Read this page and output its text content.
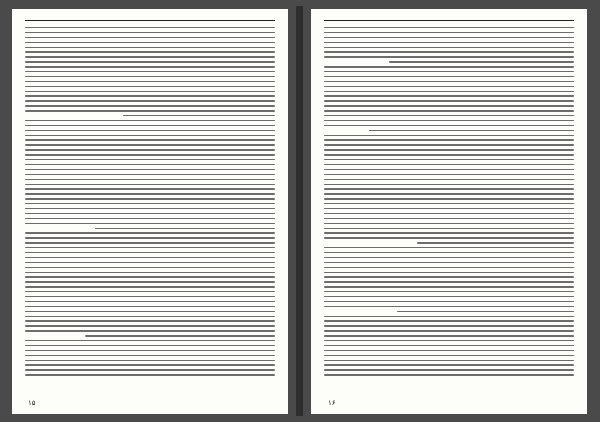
۱۵	۱۶
